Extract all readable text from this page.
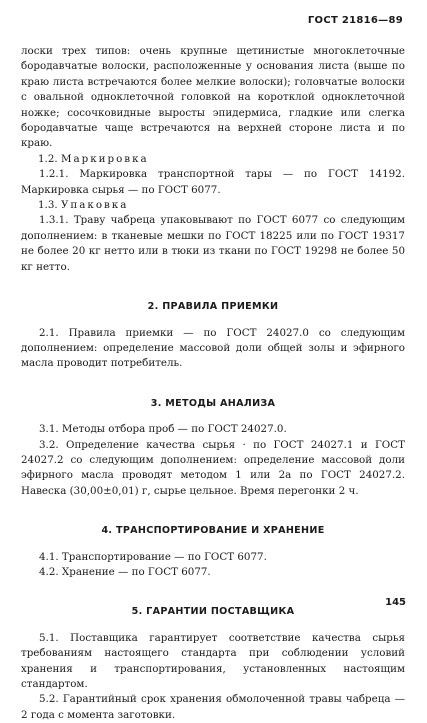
ГОСТ 21816—89

лоски трех типов: очень крупные щетинистые многоклеточные бородавчатые волоски, расположенные у основания листа (выше по краю листа встречаются более мелкие волоски); головчатые волоски с овальной одноклеточной головкой на коротклой одноклеточной ножке; сосочковидные выросты эпидермиса, гладкие или слегка бородавчатые чаще встречаются на верхней стороне листа и по краю.

1.2. Маркировка

1.2.1. Маркировка транспортной тары — по ГОСТ 14192. Маркировка сырья — по ГОСТ 6077.

1.3. Упаковка

1.3.1. Траву чабреца упаковывают по ГОСТ 6077 со следующим дополнением: в тканевые мешки по ГОСТ 18225 или по ГОСТ 19317 не более 20 кг нетто или в тюки из ткани по ГОСТ 19298 не более 50 кг нетто.

2. ПРАВИЛА ПРИЕМКИ

2.1. Правила приемки — по ГОСТ 24027.0 со следующим дополнением: определение массовой доли общей золы и эфирного масла проводит потребитель.

3. МЕТОДЫ АНАЛИЗА

3.1. Методы отбора проб — по ГОСТ 24027.0.

3.2. Определение качества сырья · по ГОСТ 24027.1 и ГОСТ 24027.2 со следующим дополнением: определение массовой доли эфирного масла проводят методом 1 или 2а по ГОСТ 24027.2. Навеска (30,00±0,01) г, сырье цельное. Время перегонки 2 ч.

4. ТРАНСПОРТИРОВАНИЕ И ХРАНЕНИЕ

4.1. Транспортирование — по ГОСТ 6077.

4.2. Хранение — по ГОСТ 6077.

5. ГАРАНТИИ ПОСТАВЩИКА

5.1. Поставщика гарантирует соответствие качества сырья требованиям настоящего стандарта при соблюдении условий хранения и транспортирования, установленных настоящим стандартом.

5.2. Гарантийный срок хранения обмолоченной травы чабреца — 2 года с момента заготовки.

145
